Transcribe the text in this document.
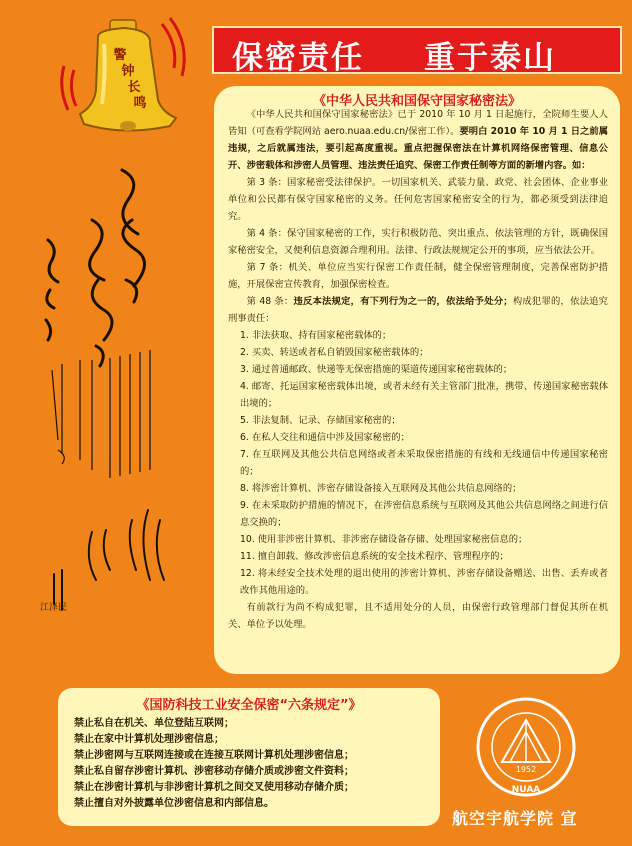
警
钟
长
鸣
保密责任 重于泰山
江泽民
《中华人民共和国保守国家秘密法》

《中华人民共和国保守国家秘密法》已于 2010 年 10 月 1 日起施行，全院师生要人人皆知（可查看学院网站 aero.nuaa.edu.cn/保密工作）。要明白 2010 年 10 月 1 日之前属违规，之后就属违法，要引起高度重视。重点把握保密法在计算机网络保密管理、信息公开、涉密载体和涉密人员管理、违法责任追究、保密工作责任制等方面的新增内容。如：

第 3 条：国家秘密受法律保护。一切国家机关、武装力量、政党、社会团体、企业事业单位和公民都有保守国家秘密的义务。任何危害国家秘密安全的行为，都必须受到法律追究。

第 4 条：保守国家秘密的工作，实行积极防范、突出重点、依法管理的方针，既确保国家秘密安全，又便利信息资源合理利用。法律、行政法规规定公开的事项，应当依法公开。

第 7 条：机关、单位应当实行保密工作责任制，健全保密管理制度，完善保密防护措施，开展保密宣传教育，加强保密检查。

第 48 条：违反本法规定，有下列行为之一的，依法给予处分；构成犯罪的，依法追究刑事责任：

1. 非法获取、持有国家秘密载体的；

2. 买卖、转送或者私自销毁国家秘密载体的；

3. 通过普通邮政、快递等无保密措施的渠道传递国家秘密载体的；

4. 邮寄、托运国家秘密载体出境，或者未经有关主管部门批准，携带、传递国家秘密载体出境的；

5. 非法复制、记录、存储国家秘密的；

6. 在私人交往和通信中涉及国家秘密的；

7. 在互联网及其他公共信息网络或者未采取保密措施的有线和无线通信中传递国家秘密的；

8. 将涉密计算机、涉密存储设备接入互联网及其他公共信息网络的；

9. 在未采取防护措施的情况下，在涉密信息系统与互联网及其他公共信息网络之间进行信息交换的；

10. 使用非涉密计算机、非涉密存储设备存储、处理国家秘密信息的；

11. 擅自卸载、修改涉密信息系统的安全技术程序、管理程序的；

12. 将未经安全技术处理的退出使用的涉密计算机、涉密存储设备赠送、出售、丢弃或者改作其他用途的。

有前款行为尚不构成犯罪，且不适用处分的人员，由保密行政管理部门督促其所在机关、单位予以处理。

《国防科技工业安全保密“六条规定”》
禁止私自在机关、单位登陆互联网；
禁止在家中计算机处理涉密信息；
禁止涉密网与互联网连接或在连接互联网计算机处理涉密信息；
禁止私自留存涉密计算机、涉密移动存储介质或涉密文件资料；
禁止在涉密计算机与非涉密计算机之间交叉使用移动存储介质；
禁止擅自对外披露单位涉密信息和内部信息。
1952
NUAA
航空宇航学院 宣
